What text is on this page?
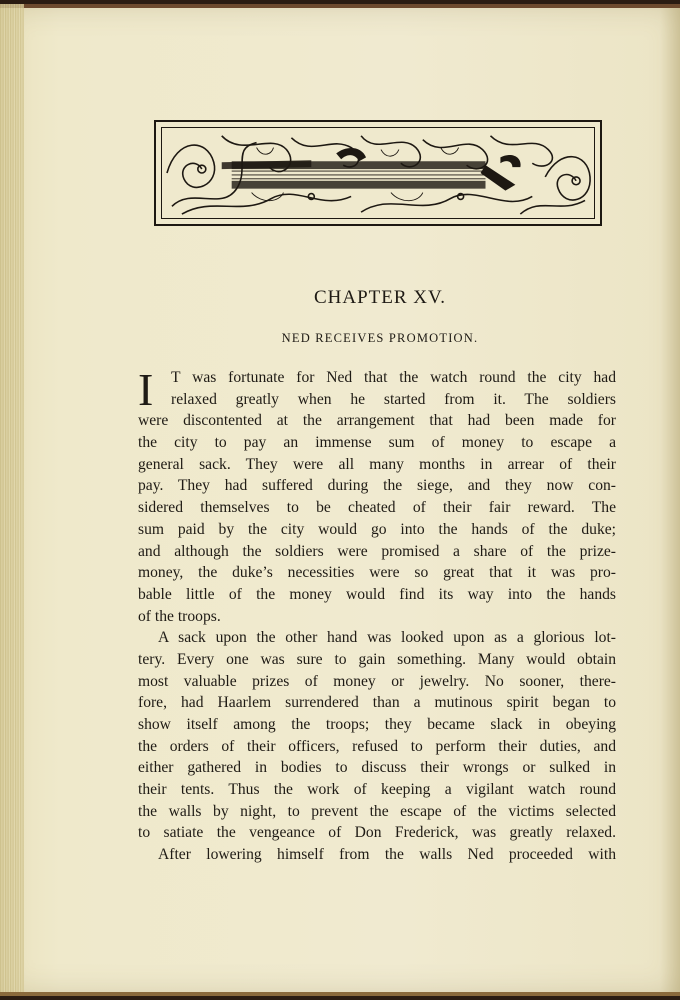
CHAPTER XV.
NED RECEIVES PROMOTION.
I	T was fortunate for Ned that the watch round the city had
relaxed greatly when he started from it. The soldiers
were discontented at the arrangement that had been made for
the city to pay an immense sum of money to escape a
general sack. They were all many months in arrear of their
pay. They had suffered during the siege, and they now con-
sidered themselves to be cheated of their fair reward. The
sum paid by the city would go into the hands of the duke;
and although the soldiers were promised a share of the prize-
money, the duke’s necessities were so great that it was pro-
bable little of the money would find its way into the hands
of the troops.
A sack upon the other hand was looked upon as a glorious lot-
tery. Every one was sure to gain something. Many would obtain
most valuable prizes of money or jewelry. No sooner, there-
fore, had Haarlem surrendered than a mutinous spirit began to
show itself among the troops; they became slack in obeying
the orders of their officers, refused to perform their duties, and
either gathered in bodies to discuss their wrongs or sulked in
their tents. Thus the work of keeping a vigilant watch round
the walls by night, to prevent the escape of the victims selected
to satiate the vengeance of Don Frederick, was greatly relaxed.
After lowering himself from the walls Ned proceeded with
